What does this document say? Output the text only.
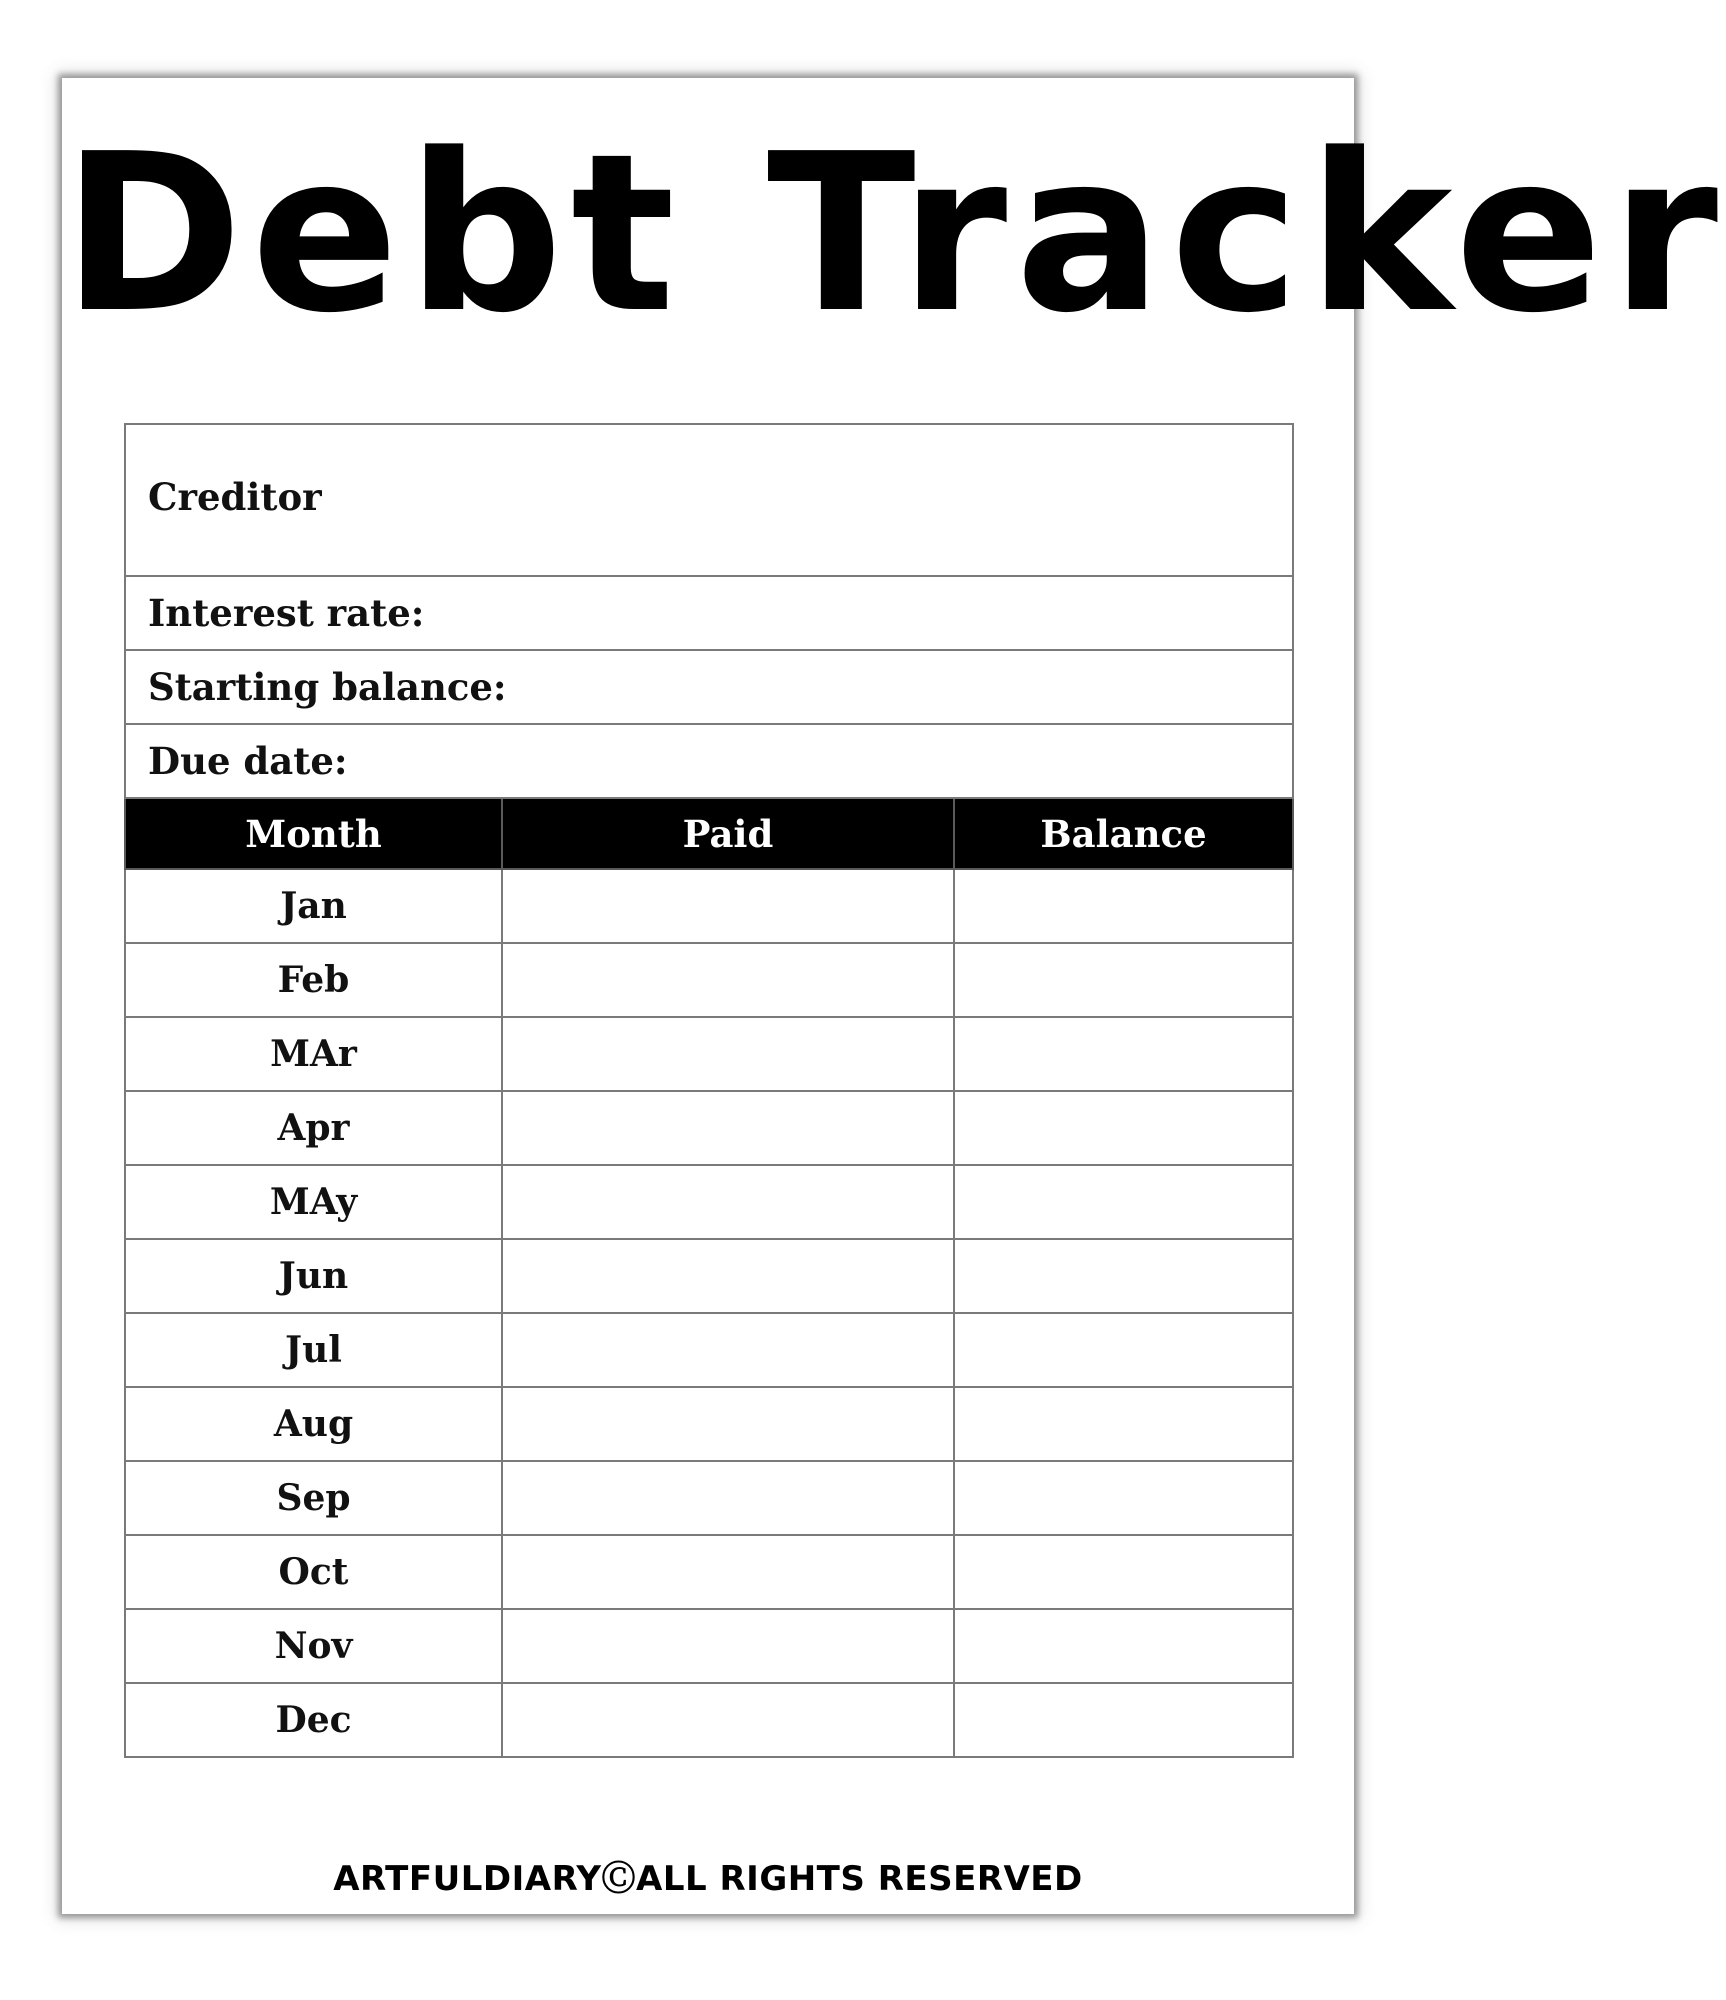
Debt Tracker
Creditor		
Interest rate:		
Starting balance:		
Due date:		
Month	Paid	Balance
Jan		
Feb		
MAr		
Apr		
MAy		
Jun		
Jul		
Aug		
Sep		
Oct		
Nov		
Dec		
ARTFULDIARYⒸALL RIGHTS RESERVED
